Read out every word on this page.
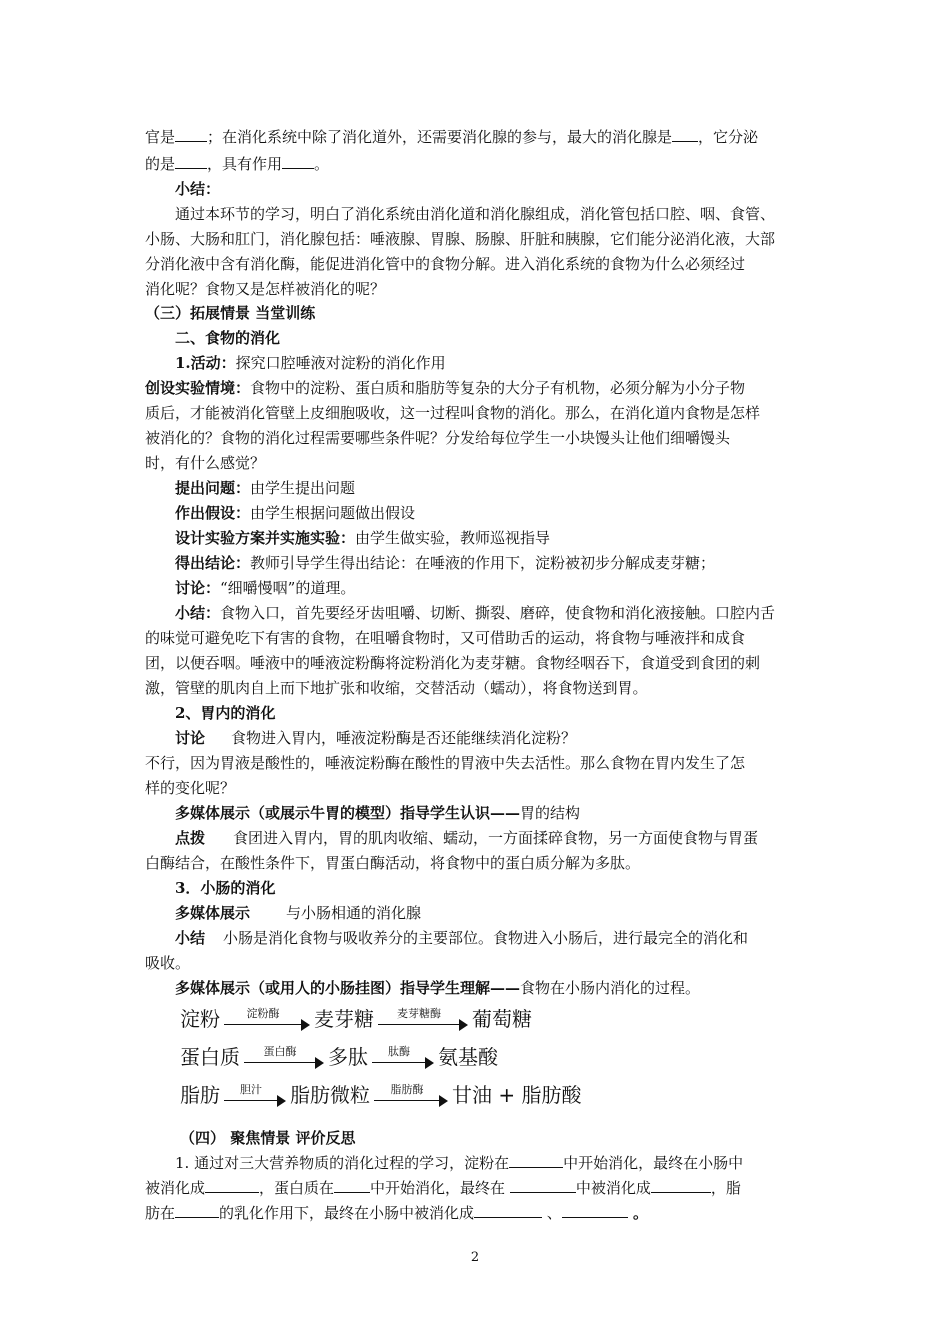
官是 ；在消化系统中除了消化道外，还需要消化腺的参与，最大的消化腺是 ，它分泌
的是 ，具有作用 。
小结：
通过本环节的学习，明白了消化系统由消化道和消化腺组成，消化管包括口腔、咽、食管、
小肠、大肠和肛门，消化腺包括：唾液腺、胃腺、肠腺、肝脏和胰腺，它们能分泌消化液，大部
分消化液中含有消化酶，能促进消化管中的食物分解。进入消化系统的食物为什么必须经过
消化呢？食物又是怎样被消化的呢？
（三）拓展情景 当堂训练
二、食物的消化
1.活动：探究口腔唾液对淀粉的消化作用
创设实验情境：食物中的淀粉、蛋白质和脂肪等复杂的大分子有机物，必须分解为小分子物
质后，才能被消化管壁上皮细胞吸收，这一过程叫食物的消化。那么，在消化道内食物是怎样
被消化的？食物的消化过程需要哪些条件呢？分发给每位学生一小块馒头让他们细嚼馒头
时，有什么感觉？
提出问题：由学生提出问题
作出假设：由学生根据问题做出假设
设计实验方案并实施实验：由学生做实验，教师巡视指导
得出结论：教师引导学生得出结论：在唾液的作用下，淀粉被初步分解成麦芽糖；
讨论：“细嚼慢咽”的道理。
小结：食物入口，首先要经牙齿咀嚼、切断、撕裂、磨碎，使食物和消化液接触。口腔内舌
的味觉可避免吃下有害的食物，在咀嚼食物时，又可借助舌的运动，将食物与唾液拌和成食
团，以便吞咽。唾液中的唾液淀粉酶将淀粉消化为麦芽糖。食物经咽吞下，食道受到食团的刺
激，管壁的肌肉自上而下地扩张和收缩，交替活动（蠕动），将食物送到胃。
2、胃内的消化
讨论 食物进入胃内，唾液淀粉酶是否还能继续消化淀粉？
不行，因为胃液是酸性的，唾液淀粉酶在酸性的胃液中失去活性。那么食物在胃内发生了怎
样的变化呢？
多媒体展示（或展示牛胃的模型）指导学生认识——胃的结构
点拨 食团进入胃内，胃的肌肉收缩、蠕动，一方面揉碎食物，另一方面使食物与胃蛋
白酶结合，在酸性条件下，胃蛋白酶活动，将食物中的蛋白质分解为多肽。
3．小肠的消化
多媒体展示 与小肠相通的消化腺
小结 小肠是消化食物与吸收养分的主要部位。食物进入小肠后，进行最完全的消化和
吸收。
多媒体展示（或用人的小肠挂图）指导学生理解——食物在小肠内消化的过程。
淀粉	淀粉酶	麦芽糖	麦芽糖酶	葡萄糖
蛋白质	蛋白酶	多肽	肽酶	氨基酸
脂肪	胆汁	脂肪微粒	脂肪酶	甘油 + 脂肪酸
（四） 聚焦情景 评价反思
1. 通过对三大营养物质的消化过程的学习，淀粉在	中开始消化，最终在小肠中
被消化成	，蛋白质在 中开始消化，最终在	中被消化成	，脂
肪在	的乳化作用下，最终在小肠中被消化成	、	。
2
